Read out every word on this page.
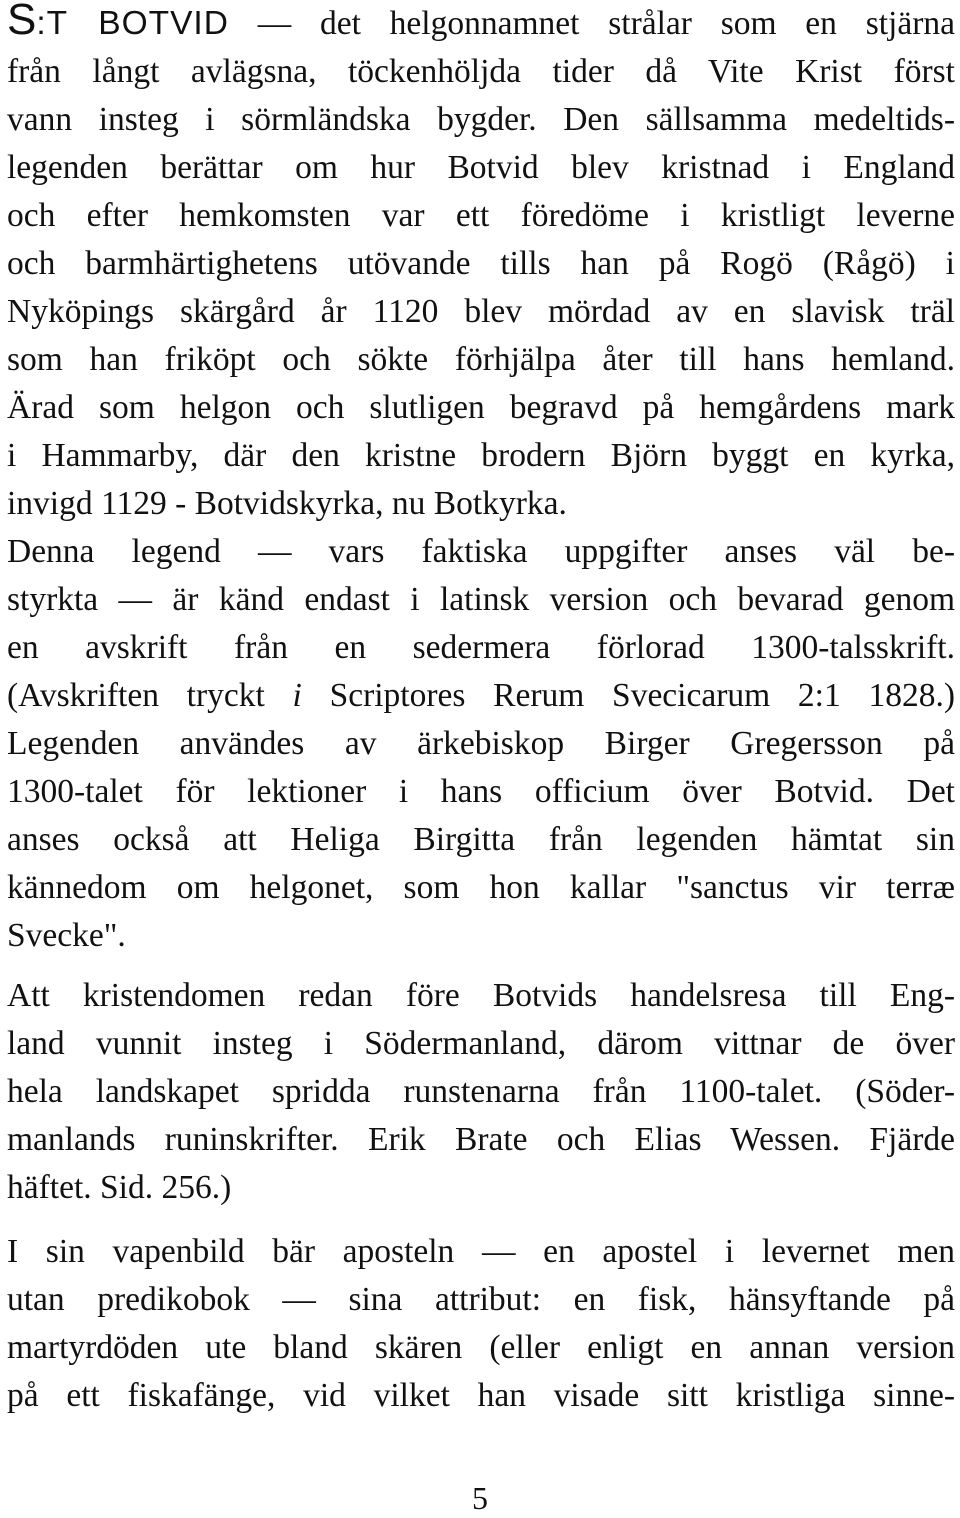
S:T BOTVID — det helgonnamnet strålar som en stjärna
från långt avlägsna, töckenhöljda tider då Vite Krist först
vann insteg i sörmländska bygder. Den sällsamma medeltids-
legenden berättar om hur Botvid blev kristnad i England
och efter hemkomsten var ett föredöme i kristligt leverne
och barmhärtighetens utövande tills han på Rogö (Rågö) i
Nyköpings skärgård år 1120 blev mördad av en slavisk träl
som han friköpt och sökte förhjälpa åter till hans hemland.
Ärad som helgon och slutligen begravd på hemgårdens mark
i Hammarby, där den kristne brodern Björn byggt en kyrka,
invigd 1129 - Botvidskyrka, nu Botkyrka.
Denna legend — vars faktiska uppgifter anses väl be-
styrkta — är känd endast i latinsk version och bevarad genom
en avskrift från en sedermera förlorad 1300-talsskrift.
(Avskriften tryckt i Scriptores Rerum Svecicarum 2:1 1828.)
Legenden användes av ärkebiskop Birger Gregersson på
1300-talet för lektioner i hans officium över Botvid. Det
anses också att Heliga Birgitta från legenden hämtat sin
kännedom om helgonet, som hon kallar "sanctus vir terræ
Svecke".
Att kristendomen redan före Botvids handelsresa till Eng-
land vunnit insteg i Södermanland, därom vittnar de över
hela landskapet spridda runstenarna från 1100-talet. (Söder-
manlands runinskrifter. Erik Brate och Elias Wessen. Fjärde
häftet. Sid. 256.)
I sin vapenbild bär aposteln — en apostel i levernet men
utan predikobok — sina attribut: en fisk, hänsyftande på
martyrdöden ute bland skären (eller enligt en annan version
på ett fiskafänge, vid vilket han visade sitt kristliga sinne-
5
